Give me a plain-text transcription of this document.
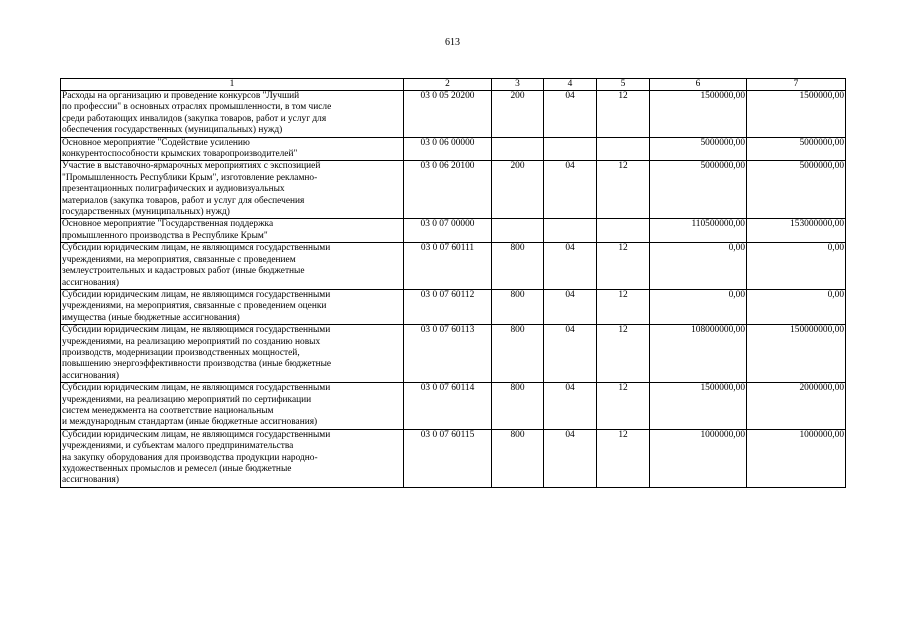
613
1	2	3	4	5	6	7

Расходы на организацию и проведение конкурсов "Лучший
по профессии" в основных отраслях промышленности, в том числе
среди работающих инвалидов (закупка товаров, работ и услуг для
обеспечения государственных (муниципальных) нужд)	03 0 05 20200	200	04	12	1500000,00	1500000,00

Основное мероприятие "Содействие усилению
конкурентоспособности крымских товаропроизводителей"	03 0 06 00000				5000000,00	5000000,00

Участие в выставочно-ярмарочных мероприятиях с экспозицией
"Промышленность Республики Крым", изготовление рекламно-
презентационных полиграфических и аудиовизуальных
материалов (закупка товаров, работ и услуг для обеспечения
государственных (муниципальных) нужд)	03 0 06 20100	200	04	12	5000000,00	5000000,00

Основное мероприятие "Государственная поддержка
промышленного производства в Республике Крым"	03 0 07 00000				110500000,00	153000000,00

Субсидии юридическим лицам, не являющимся государственными
учреждениями, на мероприятия, связанные с проведением
землеустроительных и кадастровых работ (иные бюджетные
ассигнования)	03 0 07 60111	800	04	12	0,00	0,00

Субсидии юридическим лицам, не являющимся государственными
учреждениями, на мероприятия, связанные с проведением оценки
имущества (иные бюджетные ассигнования)	03 0 07 60112	800	04	12	0,00	0,00

Субсидии юридическим лицам, не являющимся государственными
учреждениями, на реализацию мероприятий по созданию новых
производств, модернизации производственных мощностей,
повышению энергоэффективности производства (иные бюджетные
ассигнования)	03 0 07 60113	800	04	12	108000000,00	150000000,00

Субсидии юридическим лицам, не являющимся государственными
учреждениями, на реализацию мероприятий по сертификации
систем менеджмента на соответствие национальным
и международным стандартам (иные бюджетные ассигнования)	03 0 07 60114	800	04	12	1500000,00	2000000,00

Субсидии юридическим лицам, не являющимся государственными
учреждениями, и субъектам малого предпринимательства
на закупку оборудования для производства продукции народно-
художественных промыслов и ремесел (иные бюджетные
ассигнования)	03 0 07 60115	800	04	12	1000000,00	1000000,00
